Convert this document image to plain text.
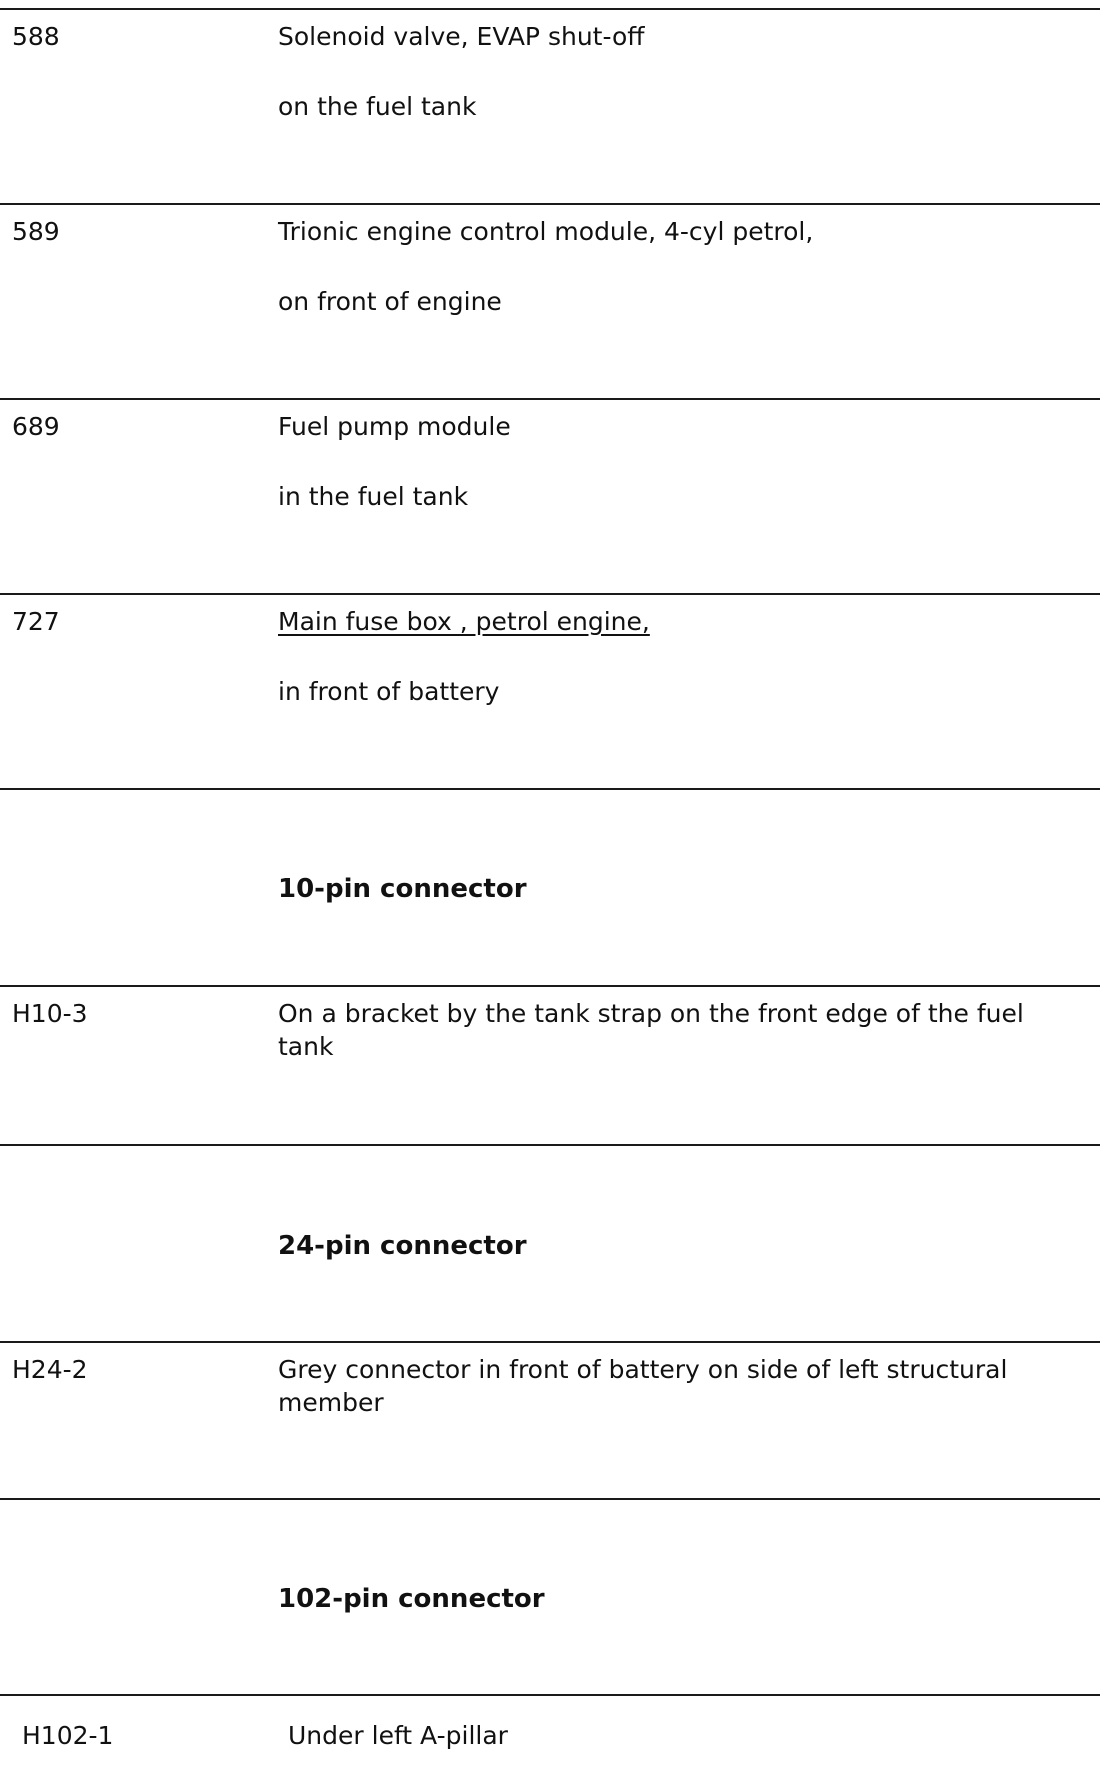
588	Solenoid valve, EVAP shut-off
on the fuel tank
589	Trionic engine control module, 4-cyl petrol,
on front of engine
689	Fuel pump module
in the fuel tank
727	Main fuse box , petrol engine,
in front of battery
10-pin connector
H10-3	On a bracket by the tank strap on the front edge of the fuel tank
24-pin connector
H24-2	Grey connector in front of battery on side of left structural member
102-pin connector
H102-1	Under left A-pillar
